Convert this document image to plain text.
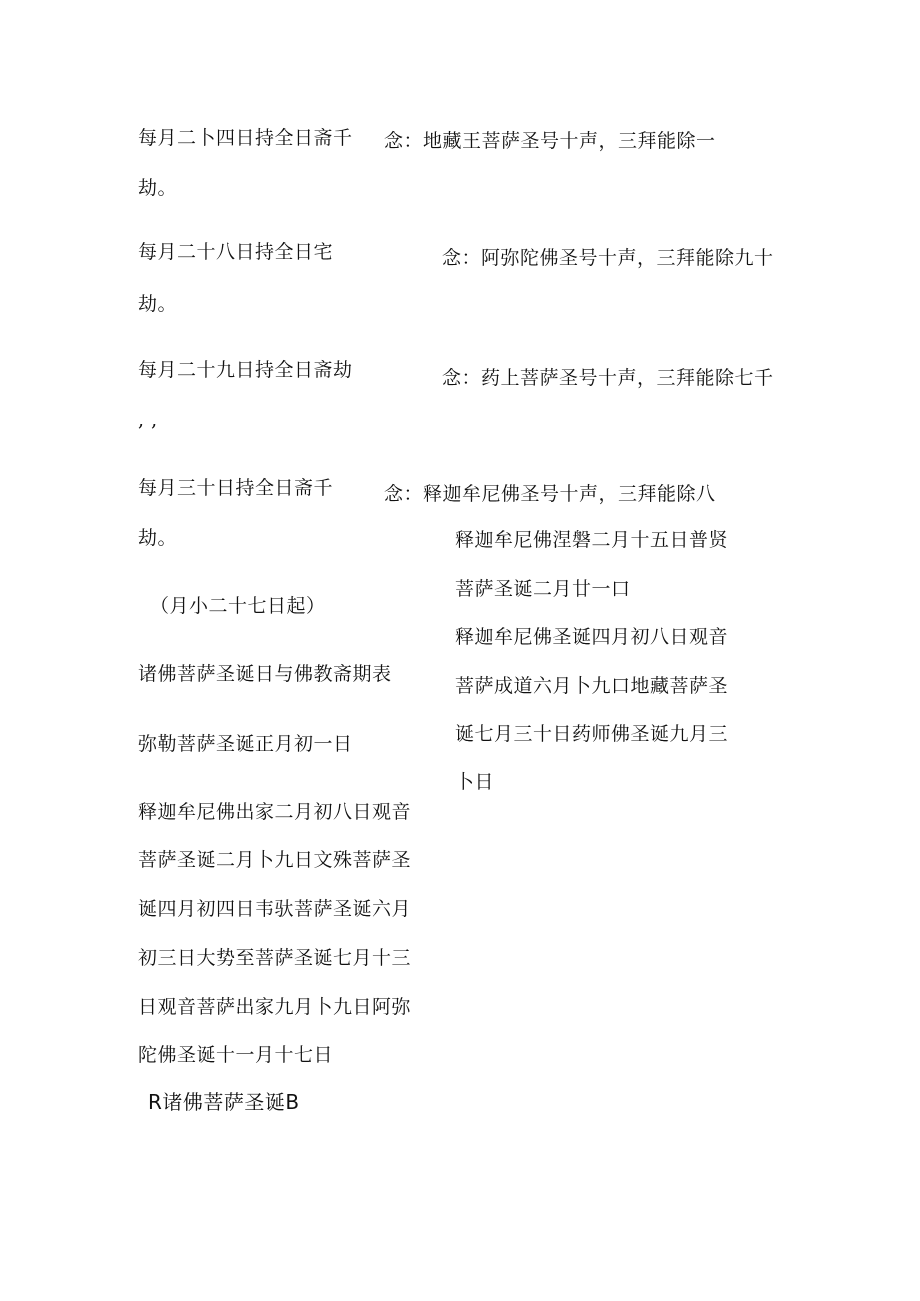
每月二卜四日持全日斋千 念：地藏王菩萨圣号十声，三拜能除一
劫。
每月二十八日持全日宅	念：阿弥陀佛圣号十声，三拜能除九十
劫。
每月二十九日持全日斋劫	念：药上菩萨圣号十声，三拜能除七千
, ,
每月三十日持全日斋千	念：释迦牟尼佛圣号十声，三拜能除八
劫。
（月小二十七日起）
诸佛菩萨圣诞日与佛教斋期表
弥勒菩萨圣诞正月初一日
释迦牟尼佛出家二月初八日观音
菩萨圣诞二月卜九日文殊菩萨圣
诞四月初四日韦驮菩萨圣诞六月
初三日大势至菩萨圣诞七月十三
日观音菩萨出家九月卜九日阿弥
陀佛圣诞十一月十七日
R诸佛菩萨圣诞B
释迦牟尼佛涅磐二月十五日普贤
菩萨圣诞二月廿一口
释迦牟尼佛圣诞四月初八日观音
菩萨成道六月卜九口地藏菩萨圣
诞七月三十日药师佛圣诞九月三
卜日
